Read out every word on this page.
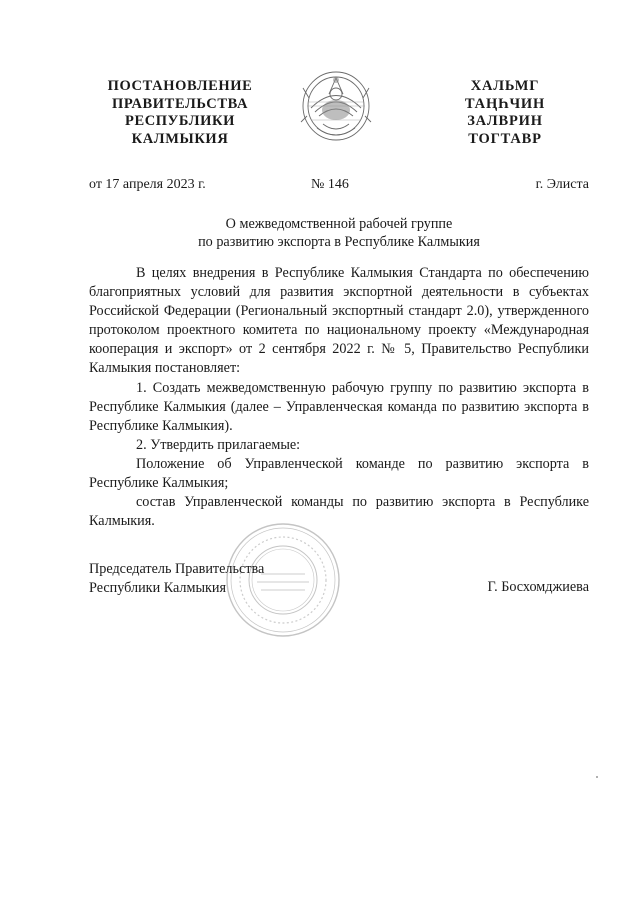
ПОСТАНОВЛЕНИЕ
ПРАВИТЕЛЬСТВА
РЕСПУБЛИКИ
КАЛМЫКИЯ
ХАЛЬМГ
ТАҢҺЧИН
ЗАЛВРИН
ТОГТАВР
от 17 апреля 2023 г.	№ 146	г. Элиста
О межведомственной рабочей группе
по развитию экспорта в Республике Калмыкия

В целях внедрения в Республике Калмыкия Стандарта по обеспечению благоприятных условий для развития экспортной деятельности в субъектах Российской Федерации (Региональный экспортный стандарт 2.0), утвержденного протоколом проектного комитета по национальному проекту «Международная кооперация и экспорт» от 2 сентября 2022 г. № 5, Правительство Республики Калмыкия постановляет:

1. Создать межведомственную рабочую группу по развитию экспорта в Республике Калмыкия (далее – Управленческая команда по развитию экспорта в Республике Калмыкия).

2. Утвердить прилагаемые:

Положение об Управленческой команде по развитию экспорта в Республике Калмыкия;

состав Управленческой команды по развитию экспорта в Республике Калмыкия.

Председатель Правительства
Республики Калмыкия	Г. Босхомджиева
